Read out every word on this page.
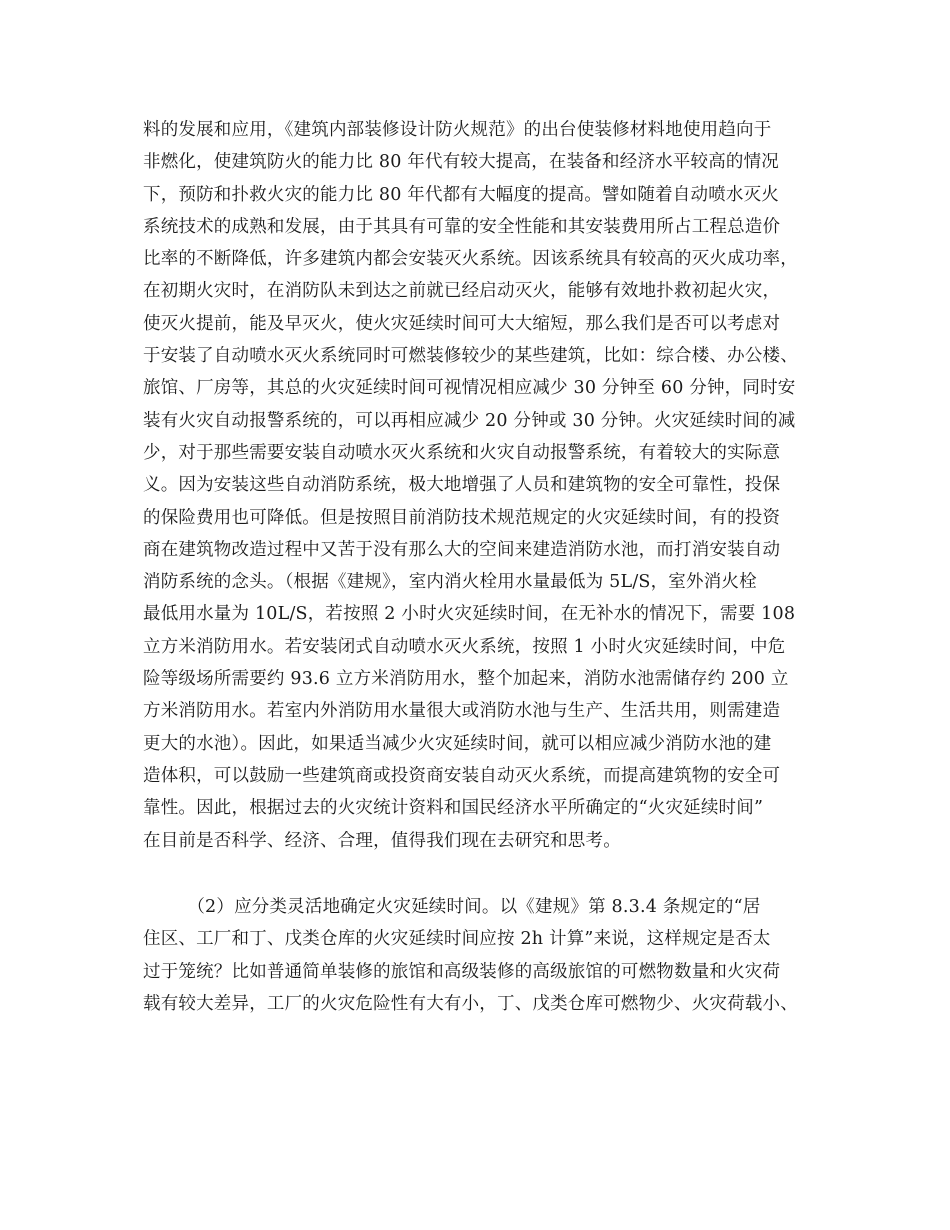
料的发展和应用，《建筑内部装修设计防火规范》的出台使装修材料地使用趋向于
非燃化，使建筑防火的能力比 80 年代有较大提高，在装备和经济水平较高的情况
下，预防和扑救火灾的能力比 80 年代都有大幅度的提高。譬如随着自动喷水灭火
系统技术的成熟和发展，由于其具有可靠的安全性能和其安装费用所占工程总造价
比率的不断降低，许多建筑内都会安装灭火系统。因该系统具有较高的灭火成功率，
在初期火灾时，在消防队未到达之前就已经启动灭火，能够有效地扑救初起火灾，
使灭火提前，能及早灭火，使火灾延续时间可大大缩短，那么我们是否可以考虑对
于安装了自动喷水灭火系统同时可燃装修较少的某些建筑，比如：综合楼、办公楼、
旅馆、厂房等，其总的火灾延续时间可视情况相应减少 30 分钟至 60 分钟，同时安
装有火灾自动报警系统的，可以再相应减少 20 分钟或 30 分钟。火灾延续时间的减
少，对于那些需要安装自动喷水灭火系统和火灾自动报警系统，有着较大的实际意
义。因为安装这些自动消防系统，极大地增强了人员和建筑物的安全可靠性，投保
的保险费用也可降低。但是按照目前消防技术规范规定的火灾延续时间，有的投资
商在建筑物改造过程中又苦于没有那么大的空间来建造消防水池，而打消安装自动
消防系统的念头。（根据《建规》，室内消火栓用水量最低为 5L/S，室外消火栓
最低用水量为 10L/S，若按照 2 小时火灾延续时间，在无补水的情况下，需要 108
立方米消防用水。若安装闭式自动喷水灭火系统，按照 1 小时火灾延续时间，中危
险等级场所需要约 93.6 立方米消防用水，整个加起来，消防水池需储存约 200 立
方米消防用水。若室内外消防用水量很大或消防水池与生产、生活共用，则需建造
更大的水池）。因此，如果适当减少火灾延续时间，就可以相应减少消防水池的建
造体积，可以鼓励一些建筑商或投资商安装自动灭火系统，而提高建筑物的安全可
靠性。因此，根据过去的火灾统计资料和国民经济水平所确定的“火灾延续时间”
在目前是否科学、经济、合理，值得我们现在去研究和思考。
　　　（2）应分类灵活地确定火灾延续时间。以《建规》第 8.3.4 条规定的“居
住区、工厂和丁、戊类仓库的火灾延续时间应按 2h 计算”来说，这样规定是否太
过于笼统？比如普通简单装修的旅馆和高级装修的高级旅馆的可燃物数量和火灾荷
载有较大差异，工厂的火灾危险性有大有小，丁、戊类仓库可燃物少、火灾荷载小、
